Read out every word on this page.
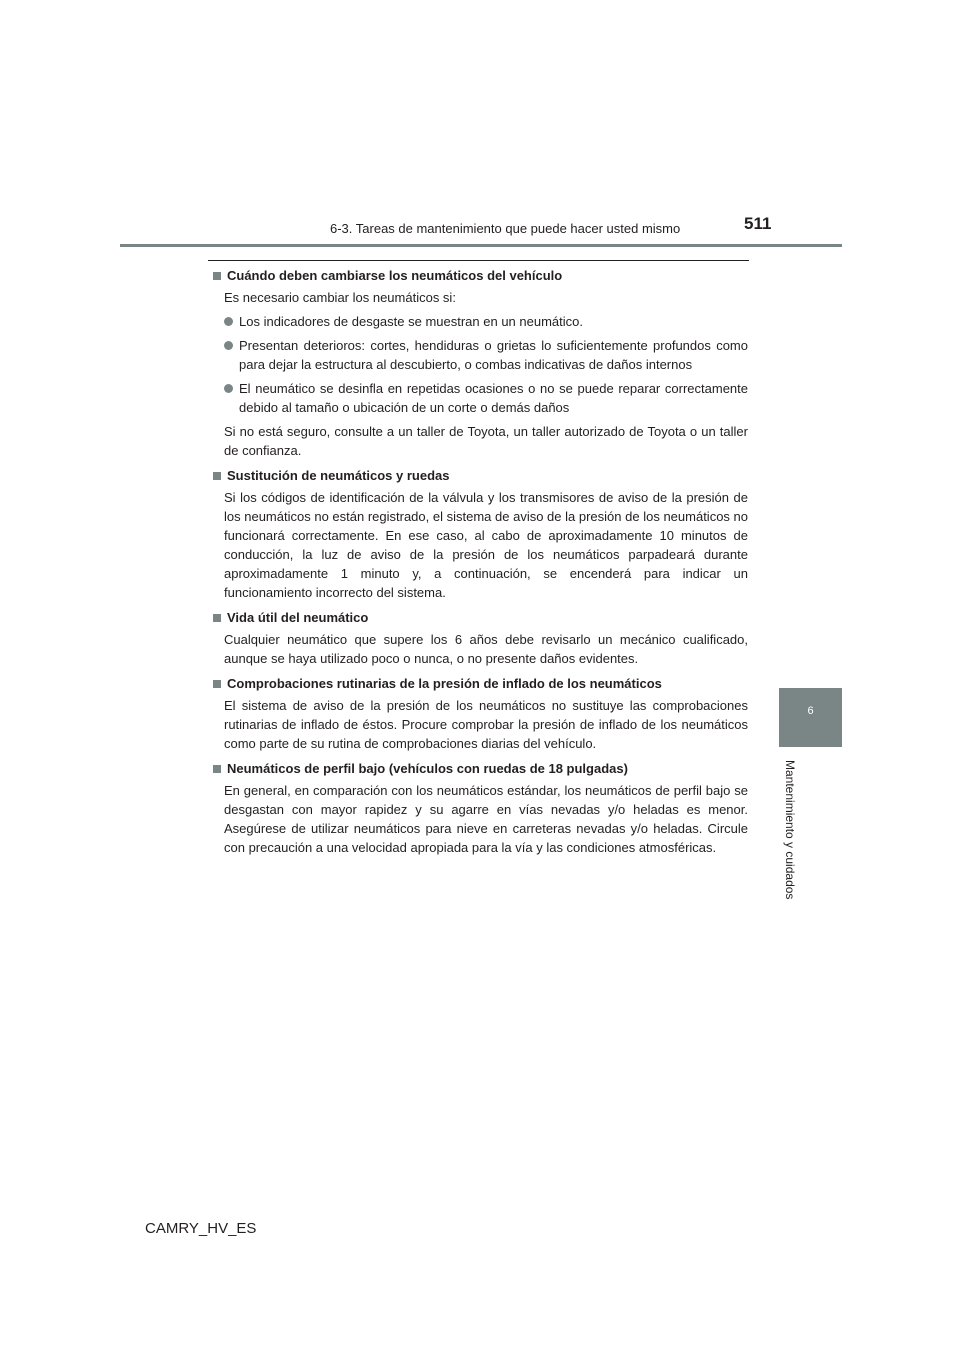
6-3. Tareas de mantenimiento que puede hacer usted mismo	511
6
Mantenimiento y cuidados
Cuándo deben cambiarse los neumáticos del vehículo
Es necesario cambiar los neumáticos si:
Los indicadores de desgaste se muestran en un neumático.
Presentan deterioros: cortes, hendiduras o grietas lo suficientemente profundos como para dejar la estructura al descubierto, o combas indicativas de daños internos
El neumático se desinfla en repetidas ocasiones o no se puede reparar correctamente debido al tamaño o ubicación de un corte o demás daños
Si no está seguro, consulte a un taller de Toyota, un taller autorizado de Toyota o un taller de confianza.
Sustitución de neumáticos y ruedas
Si los códigos de identificación de la válvula y los transmisores de aviso de la presión de los neumáticos no están registrado, el sistema de aviso de la presión de los neumáticos no funcionará correctamente. En ese caso, al cabo de aproximadamente 10 minutos de conducción, la luz de aviso de la presión de los neumáticos parpadeará durante aproximadamente 1 minuto y, a continuación, se encenderá para indicar un funcionamiento incorrecto del sistema.
Vida útil del neumático
Cualquier neumático que supere los 6 años debe revisarlo un mecánico cualificado, aunque se haya utilizado poco o nunca, o no presente daños evidentes.
Comprobaciones rutinarias de la presión de inflado de los neumáticos
El sistema de aviso de la presión de los neumáticos no sustituye las comprobaciones rutinarias de inflado de éstos. Procure comprobar la presión de inflado de los neumáticos como parte de su rutina de comprobaciones diarias del vehículo.
Neumáticos de perfil bajo (vehículos con ruedas de 18 pulgadas)
En general, en comparación con los neumáticos estándar, los neumáticos de perfil bajo se desgastan con mayor rapidez y su agarre en vías nevadas y/o heladas es menor. Asegúrese de utilizar neumáticos para nieve en carreteras nevadas y/o heladas. Circule con precaución a una velocidad apropiada para la vía y las condiciones atmosféricas.
CAMRY_HV_ES
